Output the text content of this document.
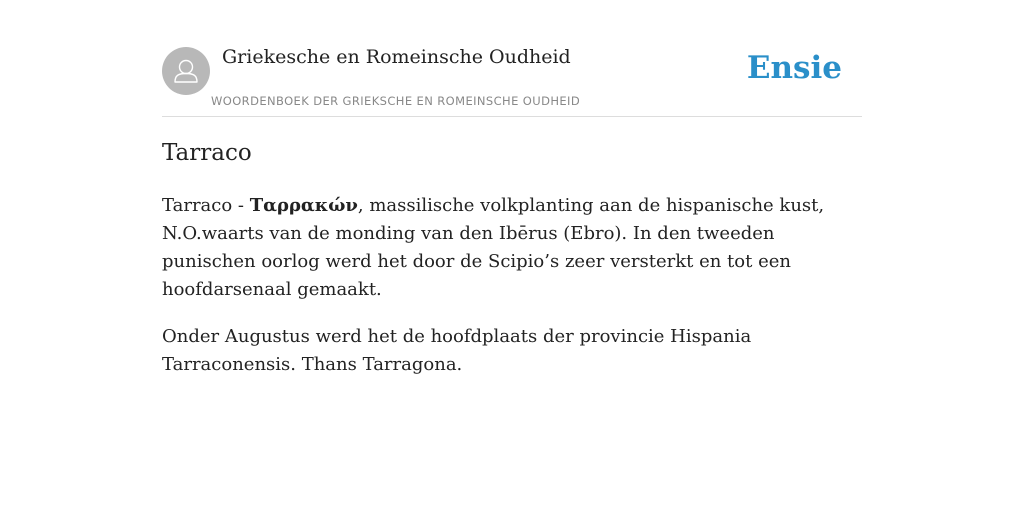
Griekesche en Romeinsche Oudheid
WOORDENBOEK DER GRIEKSCHE EN ROMEINSCHE OUDHEID
Ensie
Tarraco

Tarraco - Ταρρακών, massilische volkplanting aan de hispanische kust, N.O.waarts van de monding van den Ibērus (Ebro). In den tweeden punischen oorlog werd het door de Scipio’s zeer versterkt en tot een hoofdarsenaal gemaakt.

Onder Augustus werd het de hoofdplaats der provincie Hispania Tarraconensis. Thans Tarragona.
